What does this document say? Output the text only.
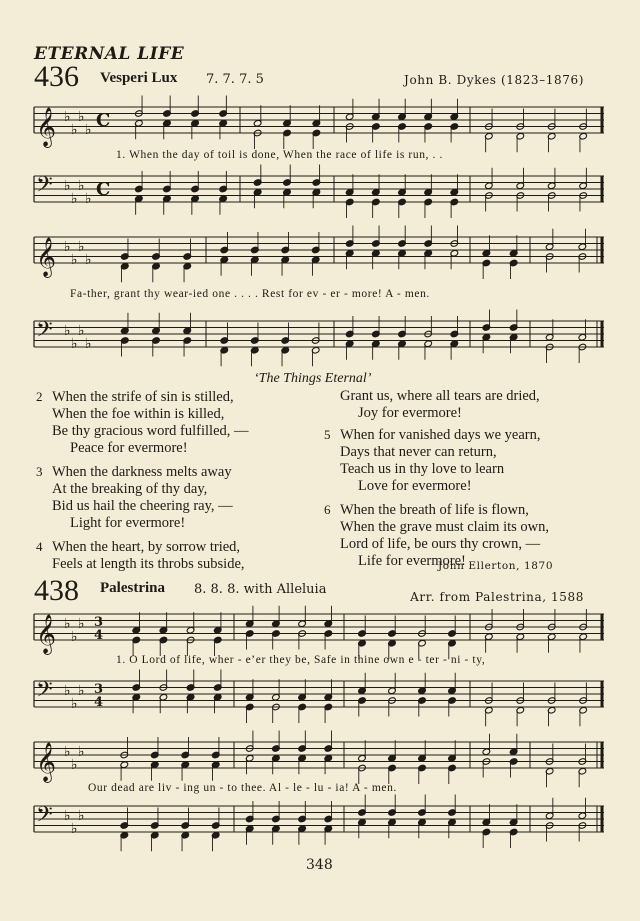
ETERNAL LIFE
436 Vesperi Lux 7. 7. 7. 5	John B. Dykes (1823–1876)
𝄞 ♭
♭
♭
♭ C
𝄢 ♭
♭
♭
♭ C
𝄞 ♭
♭
♭
♭
𝄢 ♭
♭
♭
♭
𝄞 ♭
♭
♭ 3
4
𝄢 ♭
♭
♭ 3
4
𝄞 ♭
♭
♭
𝄢 ♭
♭
♭
1. When the day of toil is done, When the race of life is run, . .
Fa-ther, grant thy wear-ied one . . . . Rest for ev - er - more! A - men.
‘The Things Eternal’
2 When the strife of sin is stilled,
When the foe within is killed,
Be thy gracious word fulfilled, —
Peace for evermore!
3 When the darkness melts away
At the breaking of thy day,
Bid us hail the cheering ray, —
Light for evermore!
4 When the heart, by sorrow tried,
Feels at length its throbs subside,
Grant us, where all tears are dried,
Joy for evermore!
5 When for vanished days we yearn,
Days that never can return,
Teach us in thy love to learn
Love for evermore!
6 When the breath of life is flown,
When the grave must claim its own,
Lord of life, be ours thy crown, —
Life for evermore!
John Ellerton, 1870
438 Palestrina 8. 8. 8. with Alleluia	Arr. from Palestrina, 1588
1. O Lord of life, wher - e’er they be, Safe in thine own e - ter - ni - ty,
Our dead are liv - ing un - to thee. Al - le - lu - ia! A - men.
348
